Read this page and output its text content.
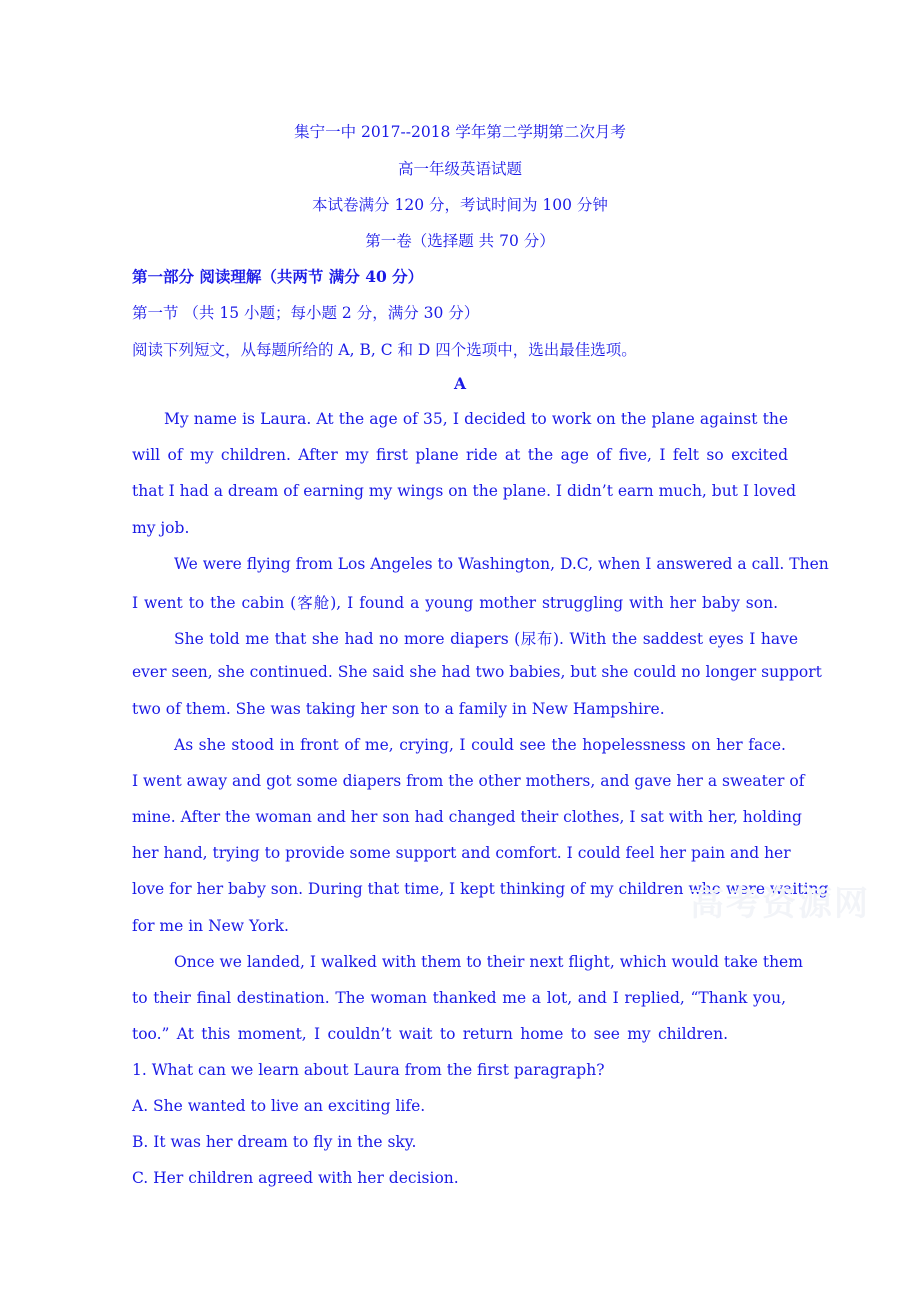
集宁一中 2017--2018 学年第二学期第二次月考
高一年级英语试题
本试卷满分 120 分，考试时间为 100 分钟
第一卷（选择题 共 70 分）
第一部分 阅读理解（共两节 满分 40 分）
第一节 （共 15 小题；每小题 2 分，满分 30 分）
阅读下列短文，从每题所给的 A, B, C 和 D 四个选项中，选出最佳选项。
A
My name is Laura. At the age of 35, I decided to work on the plane against the
will of my children. After my first plane ride at the age of five, I felt so excited
that I had a dream of earning my wings on the plane. I didn’t earn much, but I loved
my job.
We were flying from Los Angeles to Washington, D.C, when I answered a call. Then
I went to the cabin (客舱), I found a young mother struggling with her baby son.
She told me that she had no more diapers (尿布). With the saddest eyes I have
ever seen, she continued. She said she had two babies, but she could no longer support
two of them. She was taking her son to a family in New Hampshire.
As she stood in front of me, crying, I could see the hopelessness on her face.
I went away and got some diapers from the other mothers, and gave her a sweater of
mine. After the woman and her son had changed their clothes, I sat with her, holding
her hand, trying to provide some support and comfort. I could feel her pain and her
love for her baby son. During that time, I kept thinking of my children who were waiting
for me in New York.
Once we landed, I walked with them to their next flight, which would take them
to their final destination. The woman thanked me a lot, and I replied, “Thank you,
too.” At this moment, I couldn’t wait to return home to see my children.
1. What can we learn about Laura from the first paragraph?
A. She wanted to live an exciting life.
B. It was her dream to fly in the sky.
C. Her children agreed with her decision.
高考资源网
